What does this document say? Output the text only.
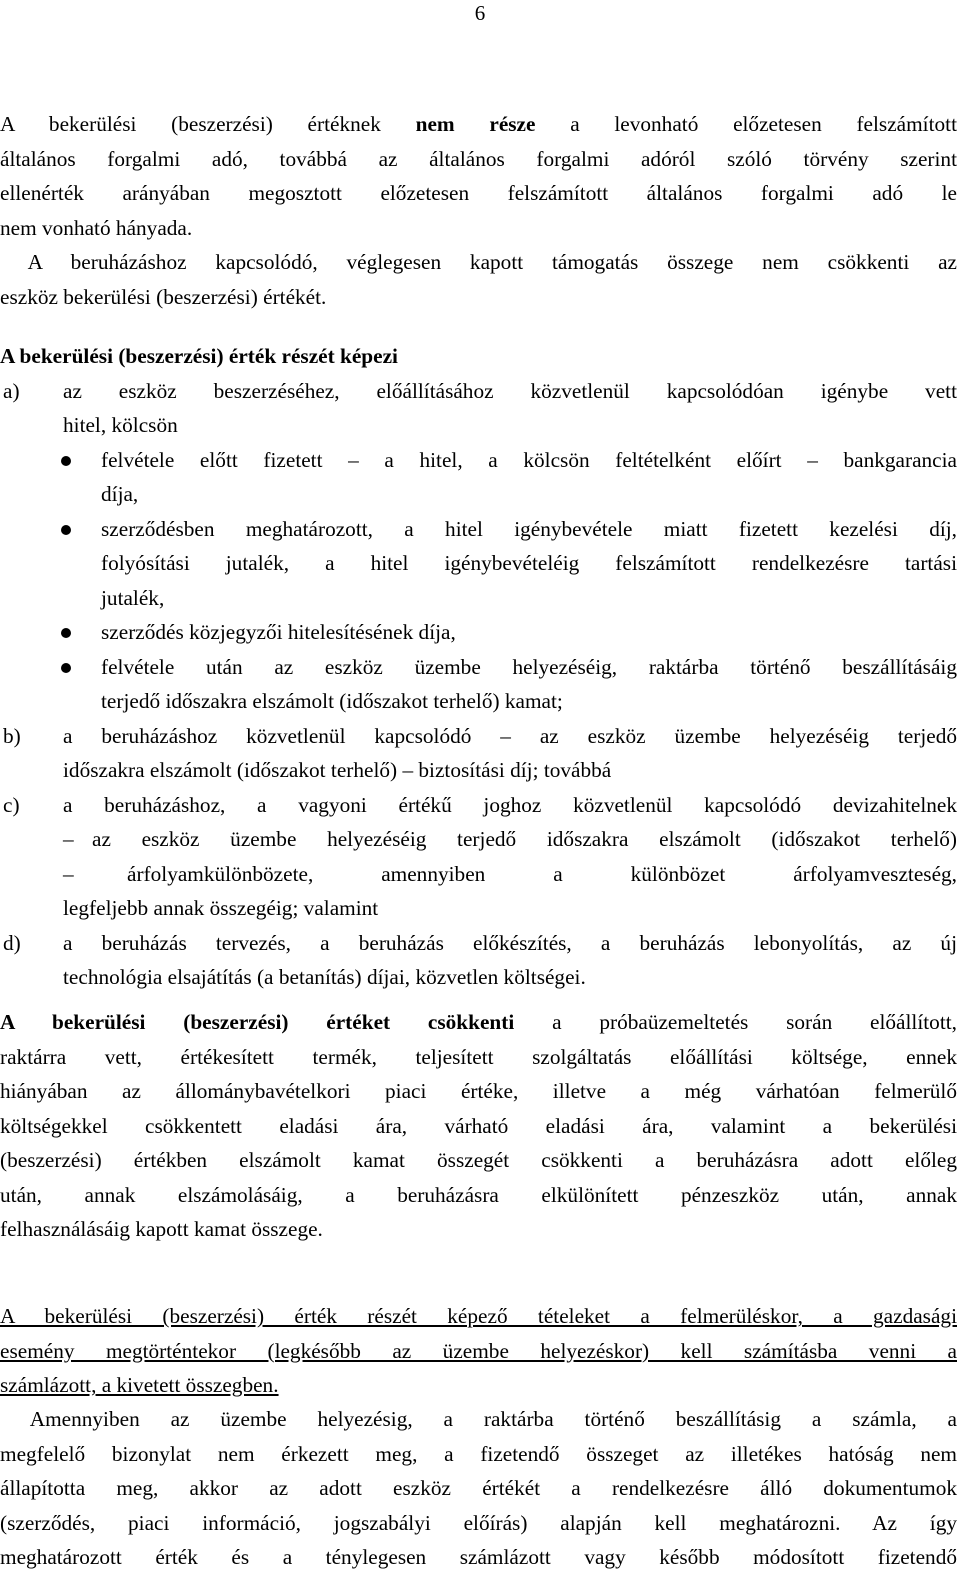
6
A bekerülési (beszerzési) értéknek nem része a levonható előzetesen felszámított
általános forgalmi adó, továbbá az általános forgalmi adóról szóló törvény szerint
ellenérték arányában megosztott előzetesen felszámított általános forgalmi adó le
nem vonható hányada.
A beruházáshoz kapcsolódó, véglegesen kapott támogatás összege nem csökkenti az
eszköz bekerülési (beszerzési) értékét.
A bekerülési (beszerzési) érték részét képezi
a) az eszköz beszerzéséhez, előállításához közvetlenül kapcsolódóan igénybe vett
hitel, kölcsön
felvétele előtt fizetett – a hitel, a kölcsön feltételként előírt – bankgarancia
díja,
szerződésben meghatározott, a hitel igénybevétele miatt fizetett kezelési díj,
folyósítási jutalék, a hitel igénybevételéig felszámított rendelkezésre tartási
jutalék,
szerződés közjegyzői hitelesítésének díja,
felvétele után az eszköz üzembe helyezéséig, raktárba történő beszállításáig
terjedő időszakra elszámolt (időszakot terhelő) kamat;
b) a beruházáshoz közvetlenül kapcsolódó – az eszköz üzembe helyezéséig terjedő
időszakra elszámolt (időszakot terhelő) – biztosítási díj; továbbá
c) a beruházáshoz, a vagyoni értékű joghoz közvetlenül kapcsolódó devizahitelnek
– az eszköz üzembe helyezéséig terjedő időszakra elszámolt (időszakot terhelő)
–	árfolyamkülönbözete, amennyiben a különbözet árfolyamveszteség,
legfeljebb annak összegéig; valamint
d) a beruházás tervezés, a beruházás előkészítés, a beruházás lebonyolítás, az új
technológia elsajátítás (a betanítás) díjai, közvetlen költségei.
A bekerülési (beszerzési) értéket csökkenti a próbaüzemeltetés során előállított,
raktárra vett, értékesített termék, teljesített szolgáltatás előállítási költsége, ennek
hiányában az állománybavételkori piaci értéke, illetve a még várhatóan felmerülő
költségekkel csökkentett eladási ára, várható eladási ára, valamint a bekerülési
(beszerzési) értékben elszámolt kamat összegét csökkenti a beruházásra adott előleg
után, annak elszámolásáig, a beruházásra elkülönített pénzeszköz után, annak
felhasználásáig kapott kamat összege.
A bekerülési (beszerzési) érték részét képező tételeket a felmerüléskor, a gazdasági
esemény megtörténtekor (legkésőbb az üzembe helyezéskor) kell számításba venni a
számlázott, a kivetett összegben.
Amennyiben az üzembe helyezésig, a raktárba történő beszállításig a számla, a
megfelelő bizonylat nem érkezett meg, a fizetendő összeget az illetékes hatóság nem
állapította meg, akkor az adott eszköz értékét a rendelkezésre álló dokumentumok
(szerződés, piaci információ, jogszabályi előírás) alapján kell meghatározni. Az így
meghatározott érték és a ténylegesen számlázott vagy később módosított fizetendő
